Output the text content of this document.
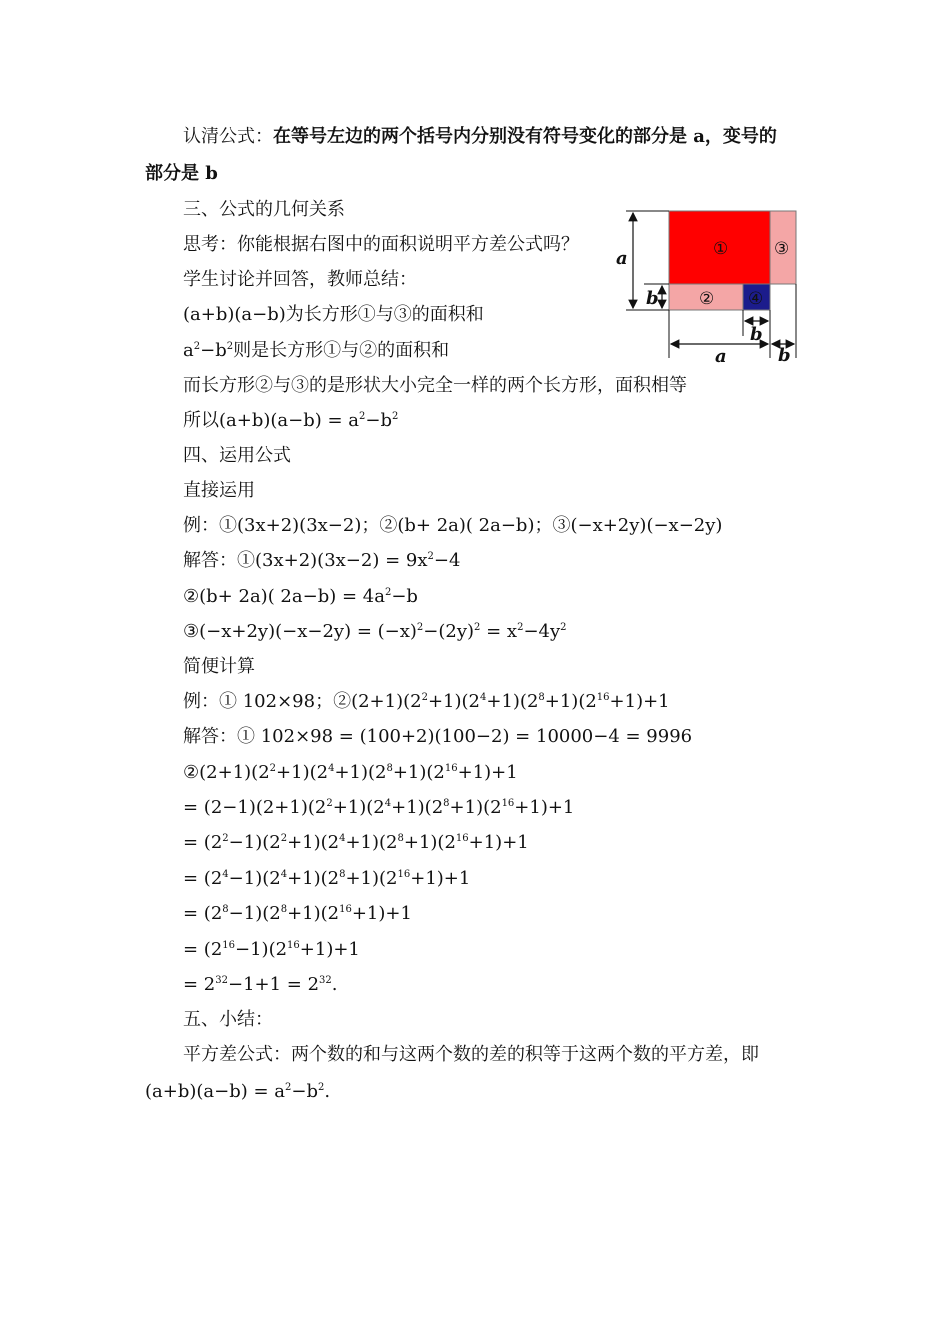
认清公式：在等号左边的两个括号内分别没有符号变化的部分是 a，变号的
部分是 b
三、公式的几何关系
思考：你能根据右图中的面积说明平方差公式吗？
学生讨论并回答，教师总结：
(a+b)(a−b)为长方形①与③的面积和
$a^2-b^2$则是长方形①与②的面积和
而长方形②与③的是形状大小完全一样的两个长方形，面积相等
所以$(a+b)(a-b) = a^2-b^2$
四、运用公式
直接运用
例：①(3x+2)(3x−2)；②(b+ 2a)( 2a−b)；③(−x+2y)(−x−2y)
解答：①(3x+2)(3x−2) = $9x^2-4$
②(b+ 2a)( $2a-b) = 4a^2-b$
③(−x+2y)(−x−2y) = $(-x)^2-(2y)^2 = x^2-4y^2$
简便计算
例：① 102×98；$②(2+1)(2^2+1)(2^4+1)(2^8+1)(2^{16}+1)+1$
解答：① 102×98 = (100+2)(100−2) = 10000−4 = 9996
$②(2+1)(2^2+1)(2^4+1)(2^8+1)(2^{16}+1)+1$
= $(2-1)(2+1)(2^2+1)(2^4+1)(2^8+1)(2^{16}+1)+1$
= $(2^2-1)(2^2+1)(2^4+1)(2^8+1)(2^{16}+1)+1$
= $(2^4-1)(2^4+1)(2^8+1)(2^{16}+1)+1$
= $(2^8-1)(2^8+1)(2^{16}+1)+1$
= $(2^{16}-1)(2^{16}+1)+1$
= $2^{32}-1+1 = 2^{32}$.
五、小结：
平方差公式：两个数的和与这两个数的差的积等于这两个数的平方差，即
$(a+b)(a-b) = a^2-b^2$.
a
b
b
a	b
①	③
② ④
